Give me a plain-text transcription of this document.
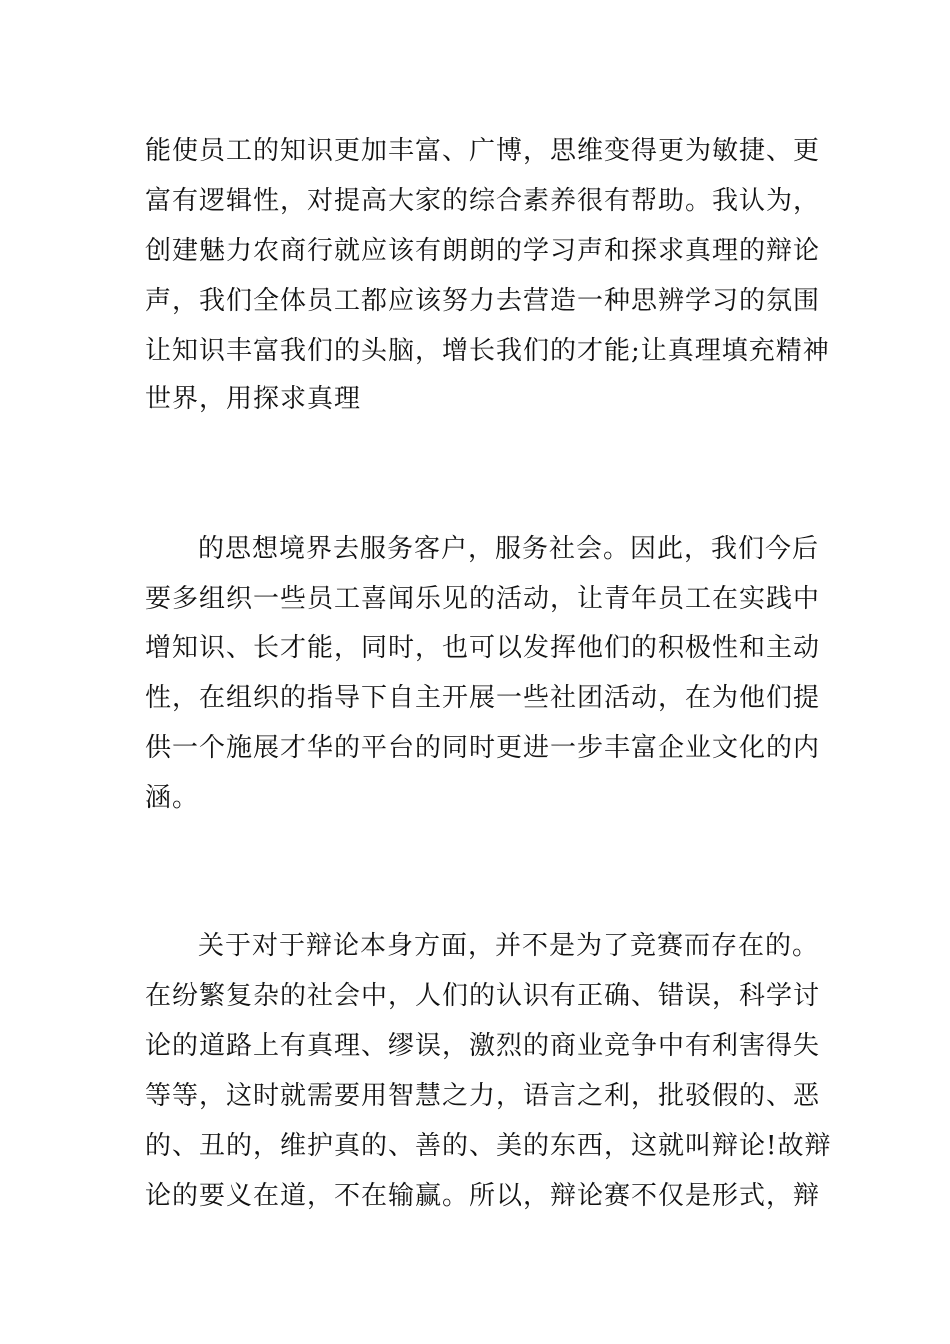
能使员工的知识更加丰富、广博，思维变得更为敏捷、更
富有逻辑性，对提高大家的综合素养很有帮助。我认为，
创建魅力农商行就应该有朗朗的学习声和探求真理的辩论
声，我们全体员工都应该努力去营造一种思辨学习的氛围
让知识丰富我们的头脑，增长我们的才能;让真理填充精神
世界，用探求真理
的思想境界去服务客户，服务社会。因此，我们今后
要多组织一些员工喜闻乐见的活动，让青年员工在实践中
增知识、长才能，同时，也可以发挥他们的积极性和主动
性，在组织的指导下自主开展一些社团活动，在为他们提
供一个施展才华的平台的同时更进一步丰富企业文化的内
涵。
关于对于辩论本身方面，并不是为了竞赛而存在的。
在纷繁复杂的社会中，人们的认识有正确、错误，科学讨
论的道路上有真理、缪误，激烈的商业竞争中有利害得失
等等，这时就需要用智慧之力，语言之利，批驳假的、恶
的、丑的，维护真的、善的、美的东西，这就叫辩论!故辩
论的要义在道，不在输赢。所以，辩论赛不仅是形式，辩
